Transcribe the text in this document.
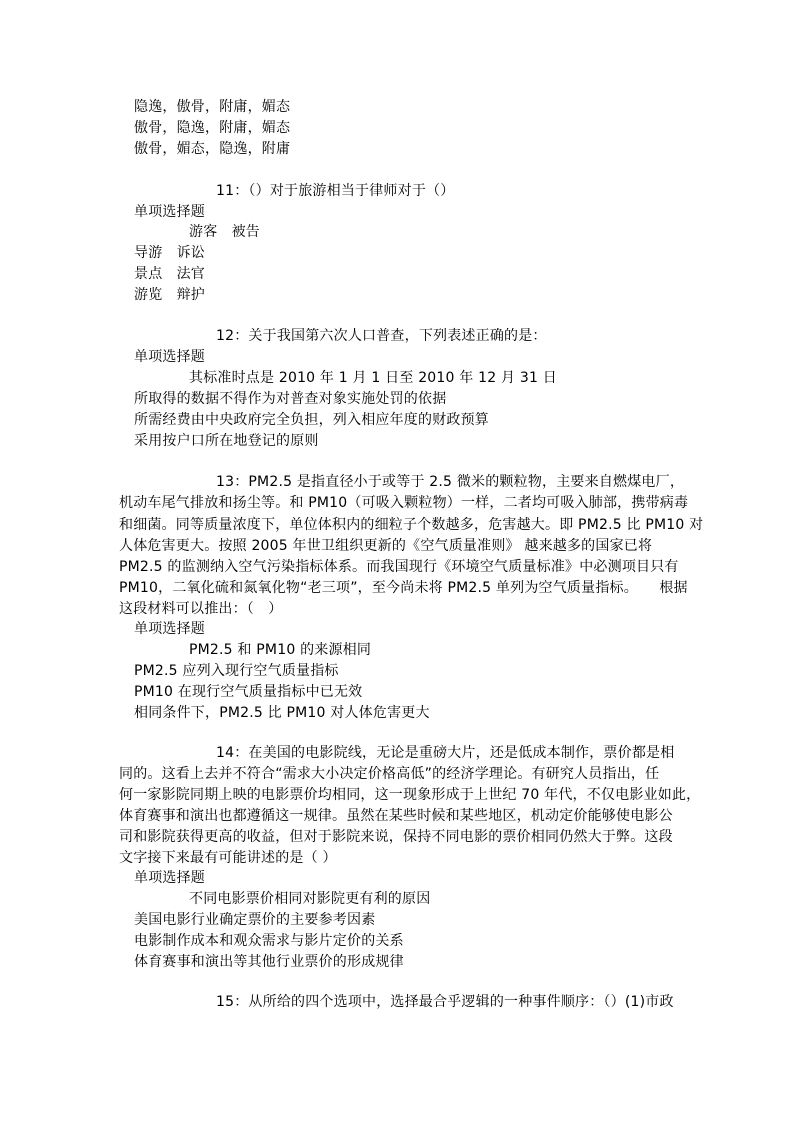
隐逸，傲骨，附庸，媚态
傲骨，隐逸，附庸，媚态
傲骨，媚态，隐逸，附庸
11：（）对于旅游相当于律师对于（）
单项选择题
游客　被告
导游　诉讼
景点　法官
游览　辩护
12：关于我国第六次人口普查，下列表述正确的是：
单项选择题
其标准时点是 2010 年 1 月 1 日至 2010 年 12 月 31 日
所取得的数据不得作为对普查对象实施处罚的依据
所需经费由中央政府完全负担，列入相应年度的财政预算
采用按户口所在地登记的原则
13：PM2.5 是指直径小于或等于 2.5 微米的颗粒物，主要来自燃煤电厂，
机动车尾气排放和扬尘等。和 PM10（可吸入颗粒物）一样，二者均可吸入肺部，携带病毒
和细菌。同等质量浓度下，单位体积内的细粒子个数越多，危害越大。即 PM2.5 比 PM10 对
人体危害更大。按照 2005 年世卫组织更新的《空气质量准则》 越来越多的国家已将
PM2.5 的监测纳入空气污染指标体系。而我国现行《环境空气质量标准》中必测项目只有
PM10，二氧化硫和氮氧化物“老三项”，至今尚未将 PM2.5 单列为空气质量指标。　　根据
这段材料可以推出：（　）
单项选择题
PM2.5 和 PM10 的来源相同
PM2.5 应列入现行空气质量指标
PM10 在现行空气质量指标中已无效
相同条件下，PM2.5 比 PM10 对人体危害更大
14：在美国的电影院线，无论是重磅大片，还是低成本制作，票价都是相
同的。这看上去并不符合“需求大小决定价格高低”的经济学理论。有研究人员指出，任
何一家影院同期上映的电影票价均相同，这一现象形成于上世纪 70 年代，不仅电影业如此，
体育赛事和演出也都遵循这一规律。虽然在某些时候和某些地区，机动定价能够使电影公
司和影院获得更高的收益，但对于影院来说，保持不同电影的票价相同仍然大于弊。这段
文字接下来最有可能讲述的是（ ）
单项选择题
不同电影票价相同对影院更有利的原因
美国电影行业确定票价的主要参考因素
电影制作成本和观众需求与影片定价的关系
体育赛事和演出等其他行业票价的形成规律
15：从所给的四个选项中，选择最合乎逻辑的一种事件顺序：（）(1)市政
